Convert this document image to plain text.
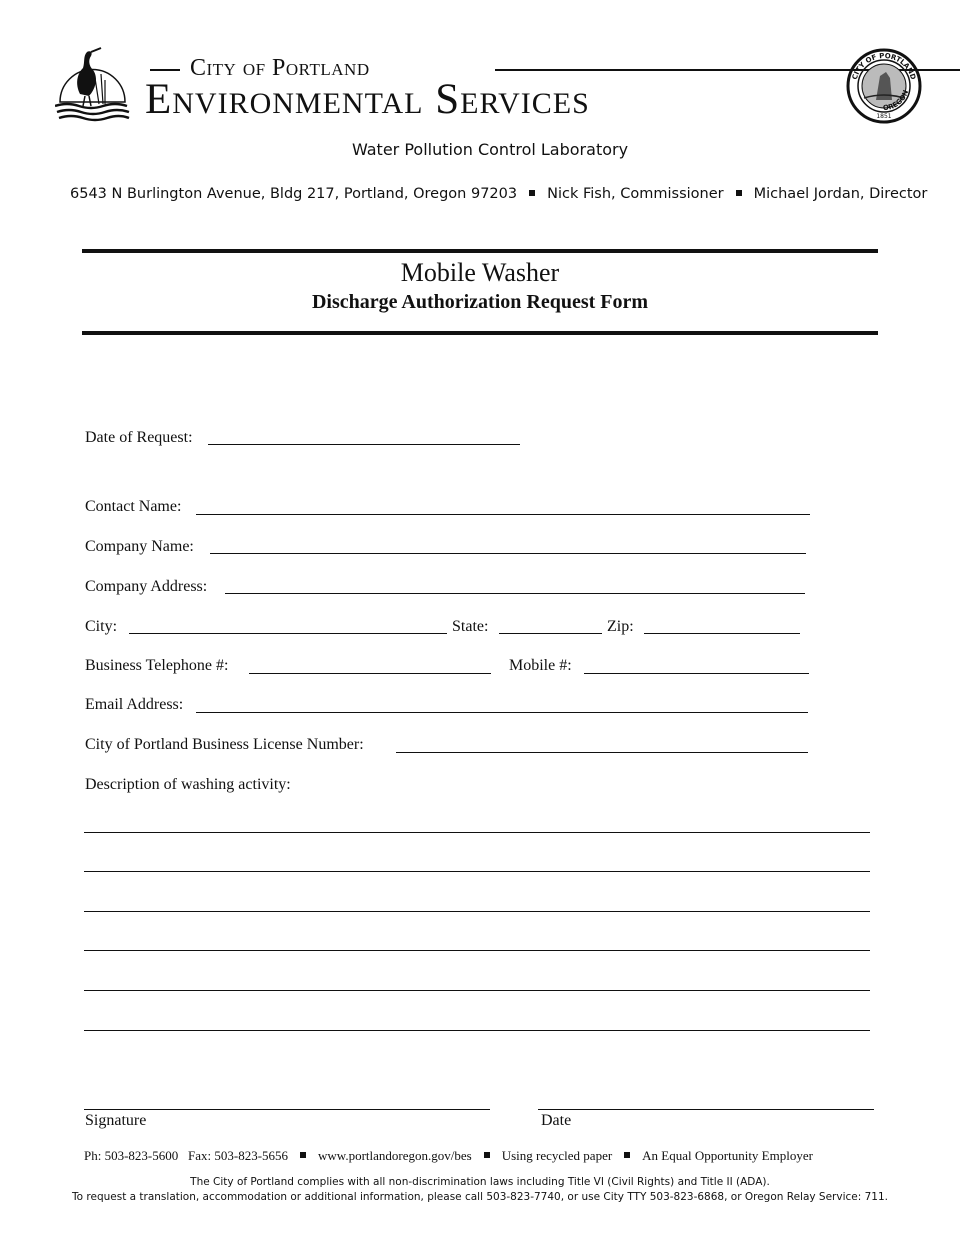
City of Portland
Environmental Services	CITY OF PORTLAND
OREGON
1851
Water Pollution Control Laboratory
6543 N Burlington Avenue, Bldg 217, Portland, Oregon 97203 Nick Fish, Commissioner Michael Jordan, Director
Mobile Washer
Discharge Authorization Request Form
Date of Request:
Contact Name:
Company Name:
Company Address:
City:	State:	Zip:
Business Telephone #:	Mobile #:
Email Address:
City of Portland Business License Number:
Description of washing activity:
Signature	Date
Ph: 503-823-5600 Fax: 503-823-5656 www.portlandoregon.gov/bes Using recycled paper An Equal Opportunity Employer
The City of Portland complies with all non-discrimination laws including Title VI (Civil Rights) and Title II (ADA).
To request a translation, accommodation or additional information, please call 503-823-7740, or use City TTY 503-823-6868, or Oregon Relay Service: 711.
